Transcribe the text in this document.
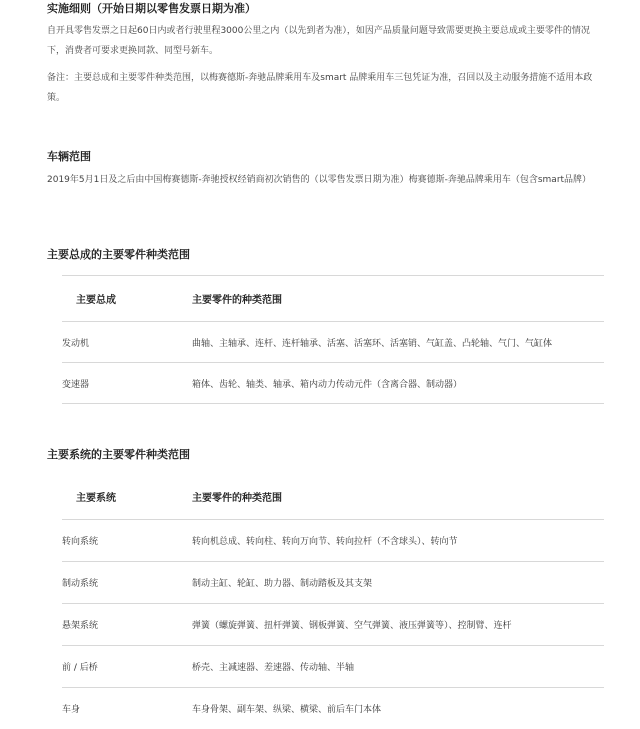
实施细则（开始日期以零售发票日期为准）
自开具零售发票之日起60日内或者行驶里程3000公里之内（以先到者为准），如因产品质量问题导致需要更换主要总成或主要零件的情况下，消费者可要求更换同款、同型号新车。
备注：主要总成和主要零件种类范围，以梅赛德斯-奔驰品牌乘用车及smart 品牌乘用车三包凭证为准，召回以及主动服务措施不适用本政策。
车辆范围
2019年5月1日及之后由中国梅赛德斯-奔驰授权经销商初次销售的（以零售发票日期为准）梅赛德斯-奔驰品牌乘用车（包含smart品牌）
主要总成的主要零件种类范围
主要总成	主要零件的种类范围
发动机	曲轴、主轴承、连杆、连杆轴承、活塞、活塞环、活塞销、气缸盖、凸轮轴、气门、气缸体
变速器	箱体、齿轮、轴类、轴承、箱内动力传动元件（含离合器、制动器）
主要系统的主要零件种类范围
主要系统	主要零件的种类范围
转向系统	转向机总成、转向柱、转向万向节、转向拉杆（不含球头）、转向节
制动系统	制动主缸、轮缸、助力器、制动踏板及其支架
悬架系统	弹簧（螺旋弹簧、扭杆弹簧、钢板弹簧、空气弹簧、液压弹簧等）、控制臂、连杆
前 / 后桥	桥壳、主减速器、差速器、传动轴、半轴
车身	车身骨架、副车架、纵梁、横梁、前后车门本体
